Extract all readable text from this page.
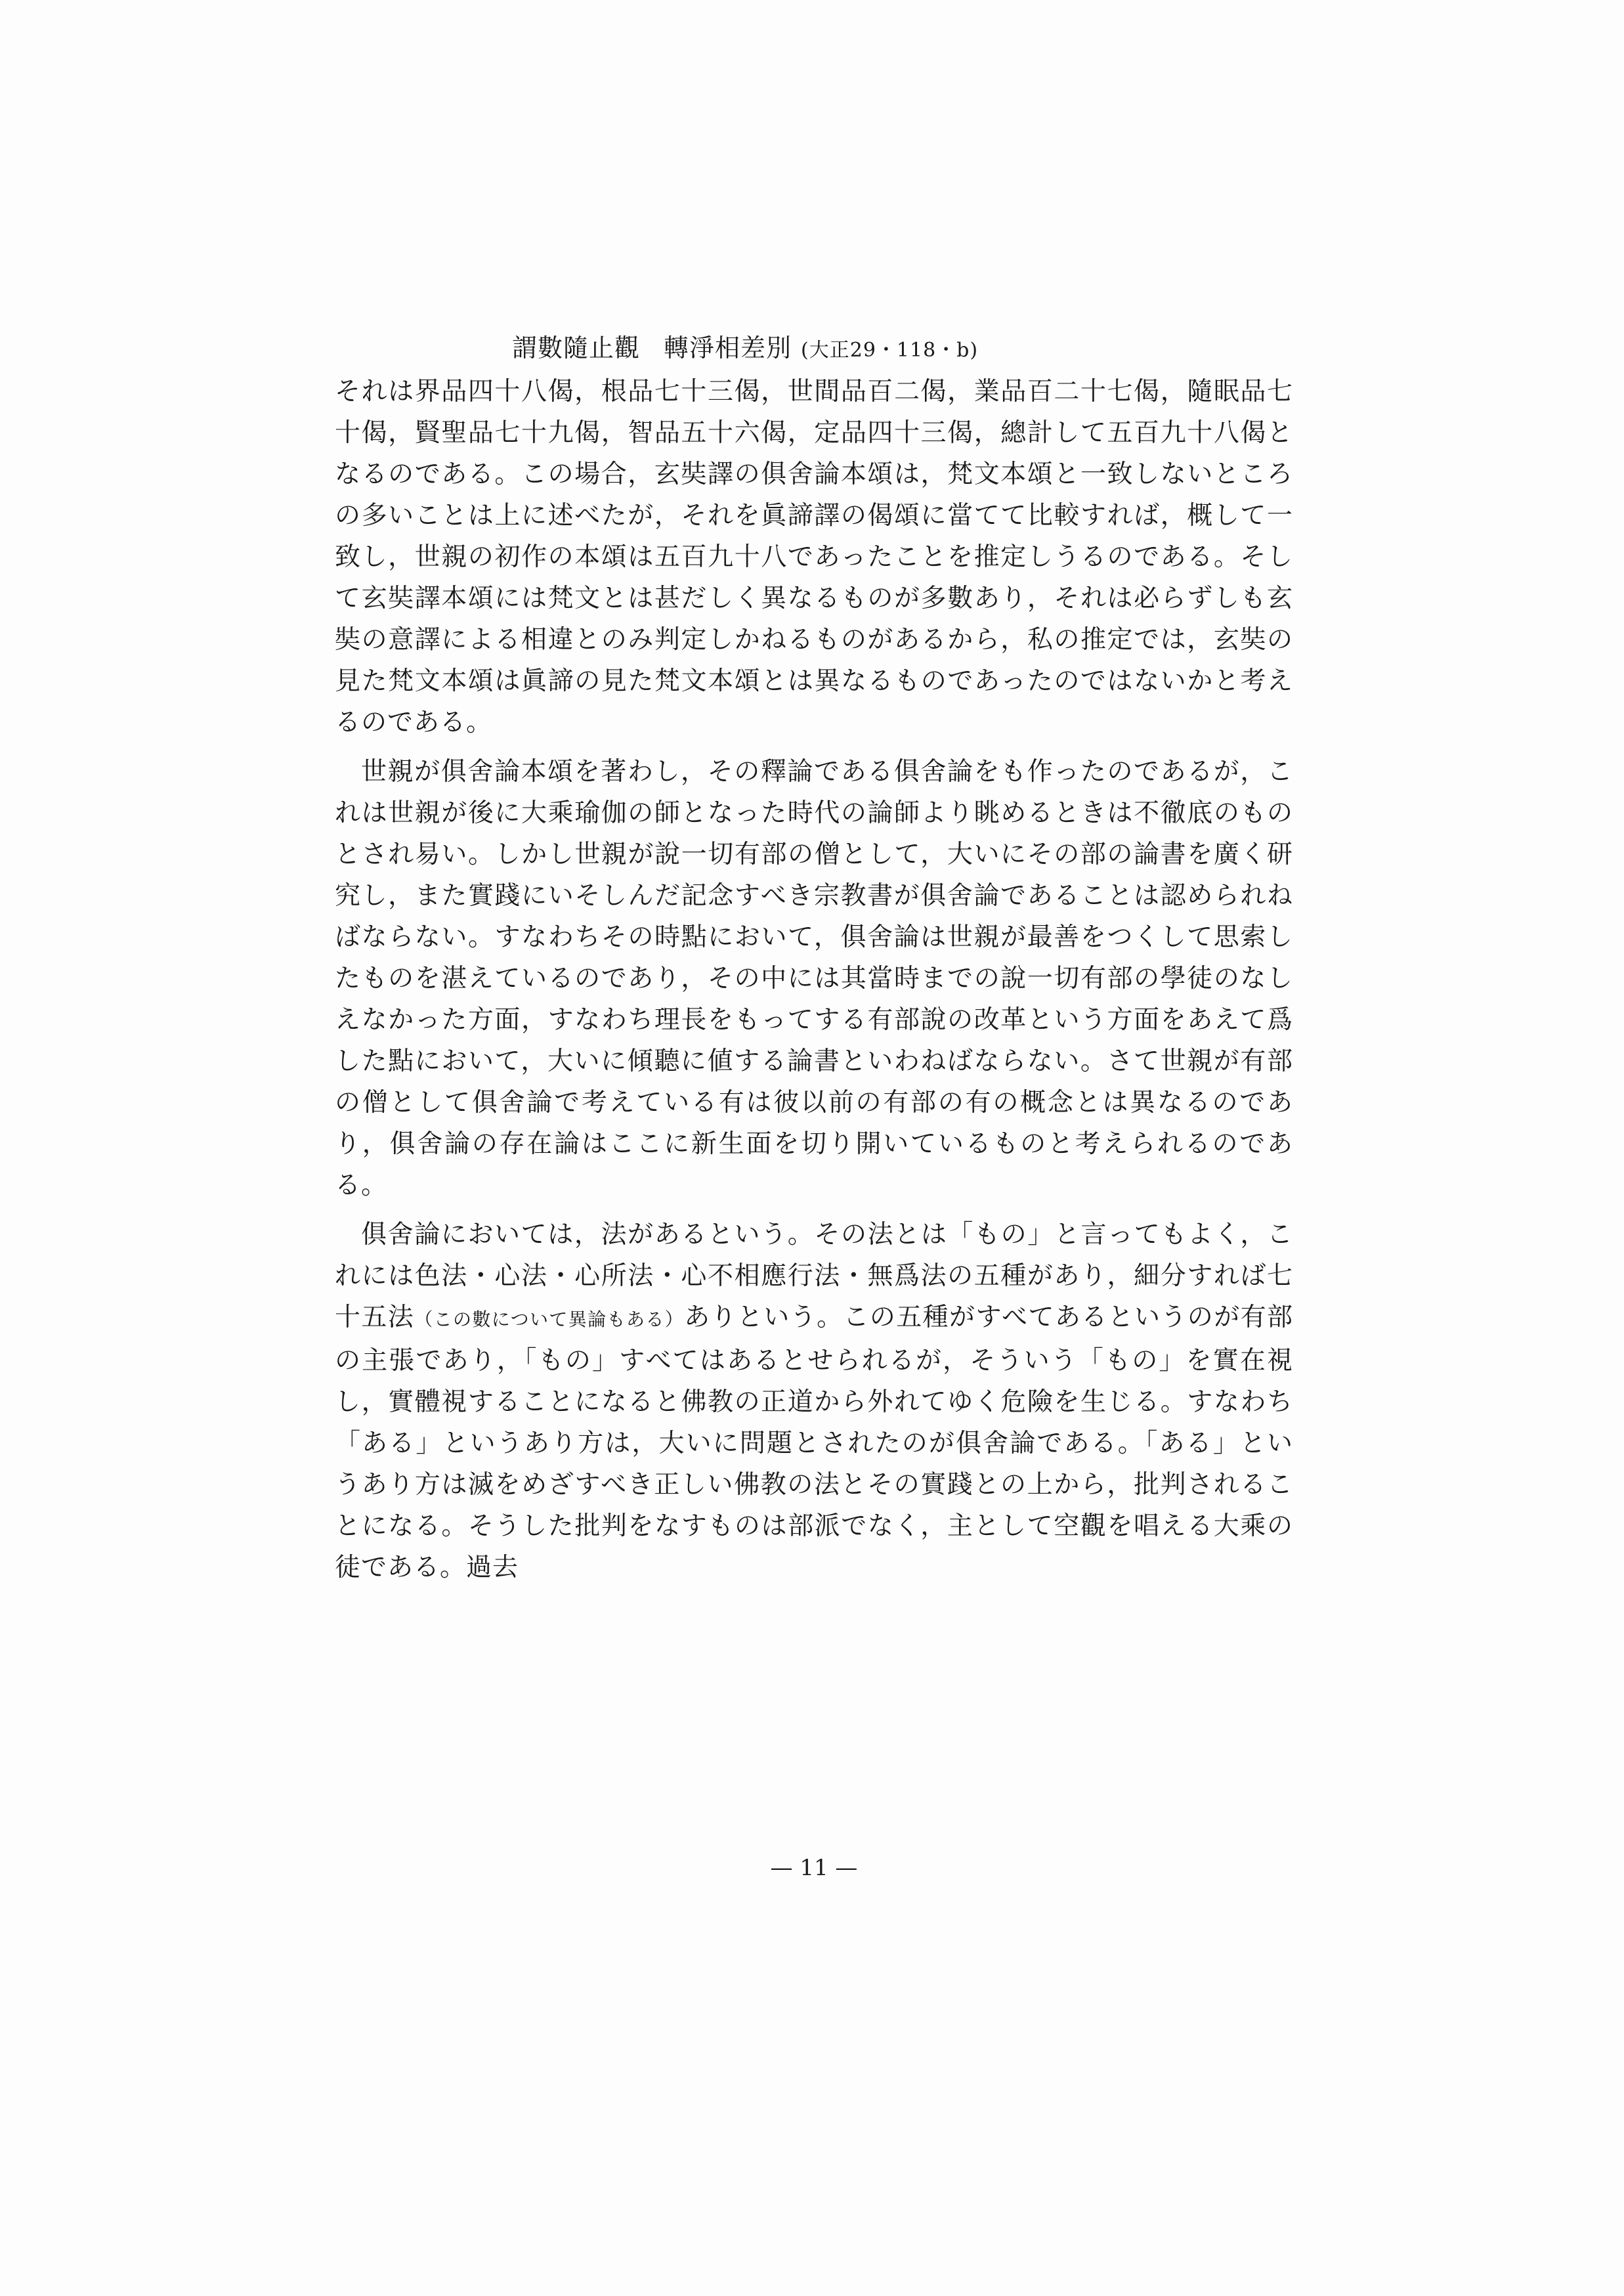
謂數隨止觀 轉淨相差別 (大正29・118・b)

それは界品四十八偈，根品七十三偈，世間品百二偈，業品百二十七偈，隨眠品七十偈，賢聖品七十九偈，智品五十六偈，定品四十三偈，總計して五百九十八偈となるのである。この場合，玄奘譯の俱舍論本頌は，梵文本頌と一致しないところの多いことは上に述べたが，それを眞諦譯の偈頌に當てて比較すれば，概して一致し，世親の初作の本頌は五百九十八であったことを推定しうるのである。そして玄奘譯本頌には梵文とは甚だしく異なるものが多數あり，それは必らずしも玄奘の意譯による相違とのみ判定しかねるものがあるから，私の推定では，玄奘の見た梵文本頌は眞諦の見た梵文本頌とは異なるものであったのではないかと考えるのである。

世親が俱舍論本頌を著わし，その釋論である俱舍論をも作ったのであるが，これは世親が後に大乘瑜伽の師となった時代の論師より眺めるときは不徹底のものとされ易い。しかし世親が說一切有部の僧として，大いにその部の論書を廣く研究し，また實踐にいそしんだ記念すべき宗教書が俱舍論であることは認められねばならない。すなわちその時點において，俱舍論は世親が最善をつくして思索したものを湛えているのであり，その中には其當時までの說一切有部の學徒のなしえなかった方面，すなわち理長をもってする有部說の改革という方面をあえて爲した點において，大いに傾聽に値する論書といわねばならない。さて世親が有部の僧として俱舍論で考えている有は彼以前の有部の有の概念とは異なるのであり，俱舍論の存在論はここに新生面を切り開いているものと考えられるのである。

俱舍論においては，法があるという。その法とは「もの」と言ってもよく，これには色法・心法・心所法・心不相應行法・無爲法の五種があり，細分すれば七十五法（この數について異論もある）ありという。この五種がすべてあるというのが有部の主張であり，「もの」すべてはあるとせられるが，そういう「もの」を實在視し，實體視することになると佛教の正道から外れてゆく危險を生じる。すなわち「ある」というあり方は，大いに問題とされたのが俱舍論である。「ある」というあり方は滅をめざすべき正しい佛教の法とその實踐との上から，批判されることになる。そうした批判をなすものは部派でなく，主として空觀を唱える大乘の徒である。過去

— 11 —
